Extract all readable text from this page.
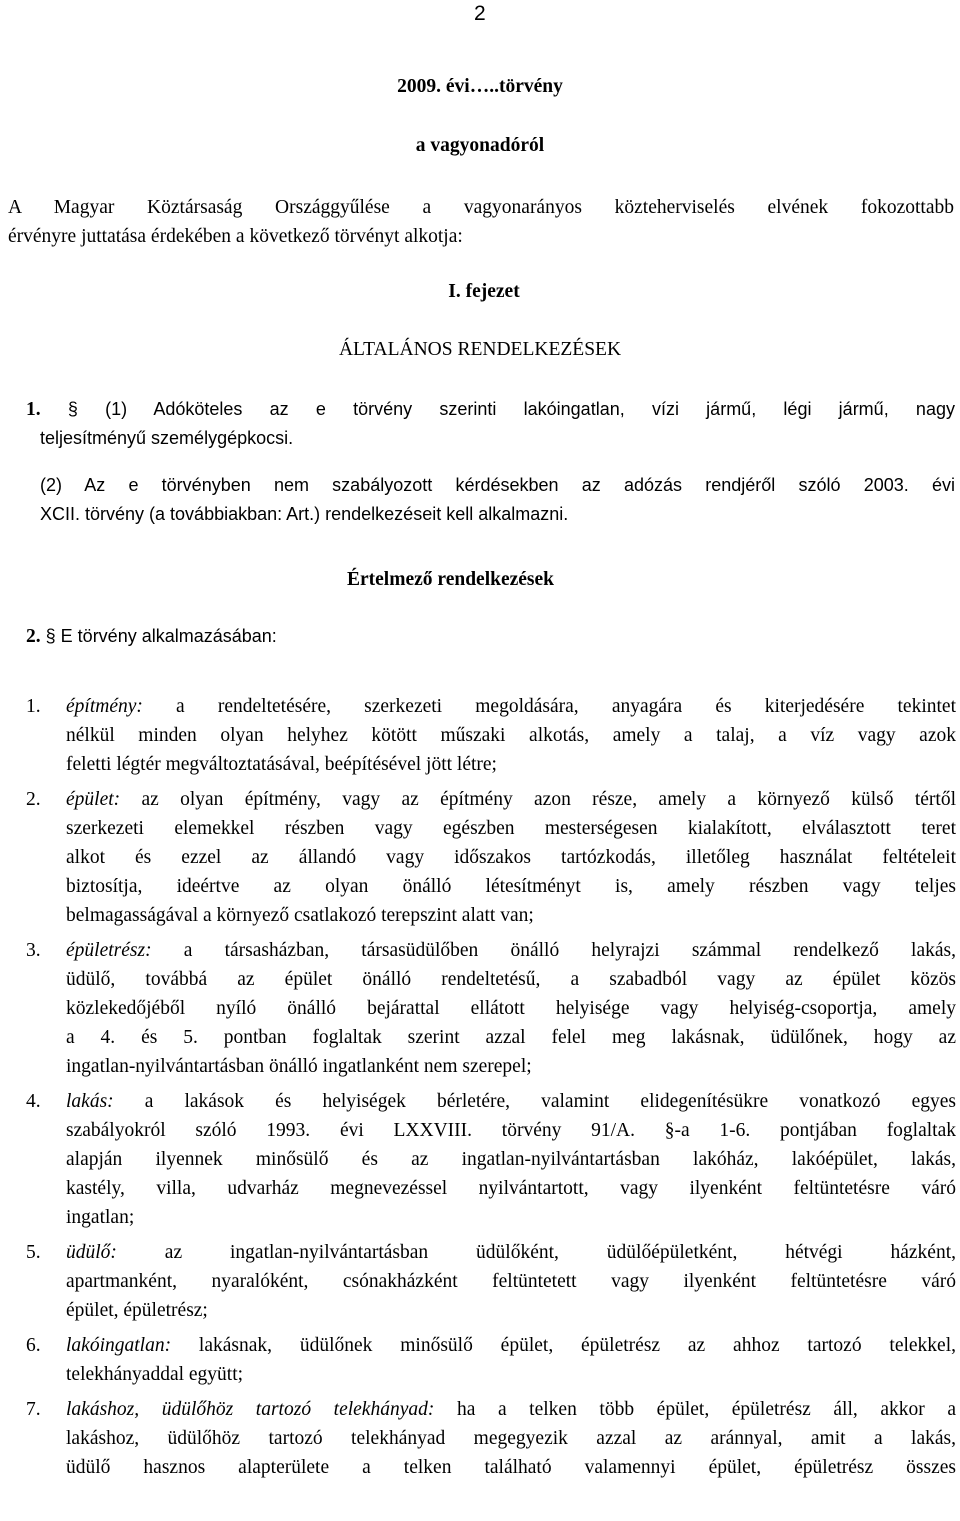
2
2009. évi…..törvény
a vagyonadóról
A Magyar Köztársaság Országgyűlése a vagyonarányos közteherviselés elvének fokozottabb
érvényre juttatása érdekében a következő törvényt alkotja:
I. fejezet
ÁLTALÁNOS RENDELKEZÉSEK
1. § (1) Adóköteles az e törvény szerinti lakóingatlan, vízi jármű, légi jármű, nagy
teljesítményű személygépkocsi.
(2) Az e törvényben nem szabályozott kérdésekben az adózás rendjéről szóló 2003. évi
XCII. törvény (a továbbiakban: Art.) rendelkezéseit kell alkalmazni.
Értelmező rendelkezések
2. § E törvény alkalmazásában:
1. építmény: a rendeltetésére, szerkezeti megoldására, anyagára és kiterjedésére tekintet
nélkül minden olyan helyhez kötött műszaki alkotás, amely a talaj, a víz vagy azok
feletti légtér megváltoztatásával, beépítésével jött létre;
2. épület: az olyan építmény, vagy az építmény azon része, amely a környező külső tértől
szerkezeti elemekkel részben vagy egészben mesterségesen kialakított, elválasztott teret
alkot és ezzel az állandó vagy időszakos tartózkodás, illetőleg használat feltételeit
biztosítja, ideértve az olyan önálló létesítményt is, amely részben vagy teljes
belmagasságával a környező csatlakozó terepszint alatt van;
3. épületrész: a társasházban, társasüdülőben önálló helyrajzi számmal rendelkező lakás,
üdülő, továbbá az épület önálló rendeltetésű, a szabadból vagy az épület közös
közlekedőjéből nyíló önálló bejárattal ellátott helyisége vagy helyiség-csoportja, amely
a 4. és 5. pontban foglaltak szerint azzal felel meg lakásnak, üdülőnek, hogy az
ingatlan-nyilvántartásban önálló ingatlanként nem szerepel;
4. lakás: a lakások és helyiségek bérletére, valamint elidegenítésükre vonatkozó egyes
szabályokról szóló 1993. évi LXXVIII. törvény 91/A. §-a 1-6. pontjában foglaltak
alapján ilyennek minősülő és az ingatlan-nyilvántartásban lakóház, lakóépület, lakás,
kastély, villa, udvarház megnevezéssel nyilvántartott, vagy ilyenként feltüntetésre váró
ingatlan;
5. üdülő: az ingatlan-nyilvántartásban üdülőként, üdülőépületként, hétvégi házként,
apartmanként, nyaralóként, csónakházként feltüntetett vagy ilyenként feltüntetésre váró
épület, épületrész;
6. lakóingatlan: lakásnak, üdülőnek minősülő épület, épületrész az ahhoz tartozó telekkel,
telekhányaddal együtt;
7. lakáshoz, üdülőhöz tartozó telekhányad: ha a telken több épület, épületrész áll, akkor a
lakáshoz, üdülőhöz tartozó telekhányad megegyezik azzal az aránnyal, amit a lakás,
üdülő hasznos alapterülete a telken található valamennyi épület, épületrész összes
